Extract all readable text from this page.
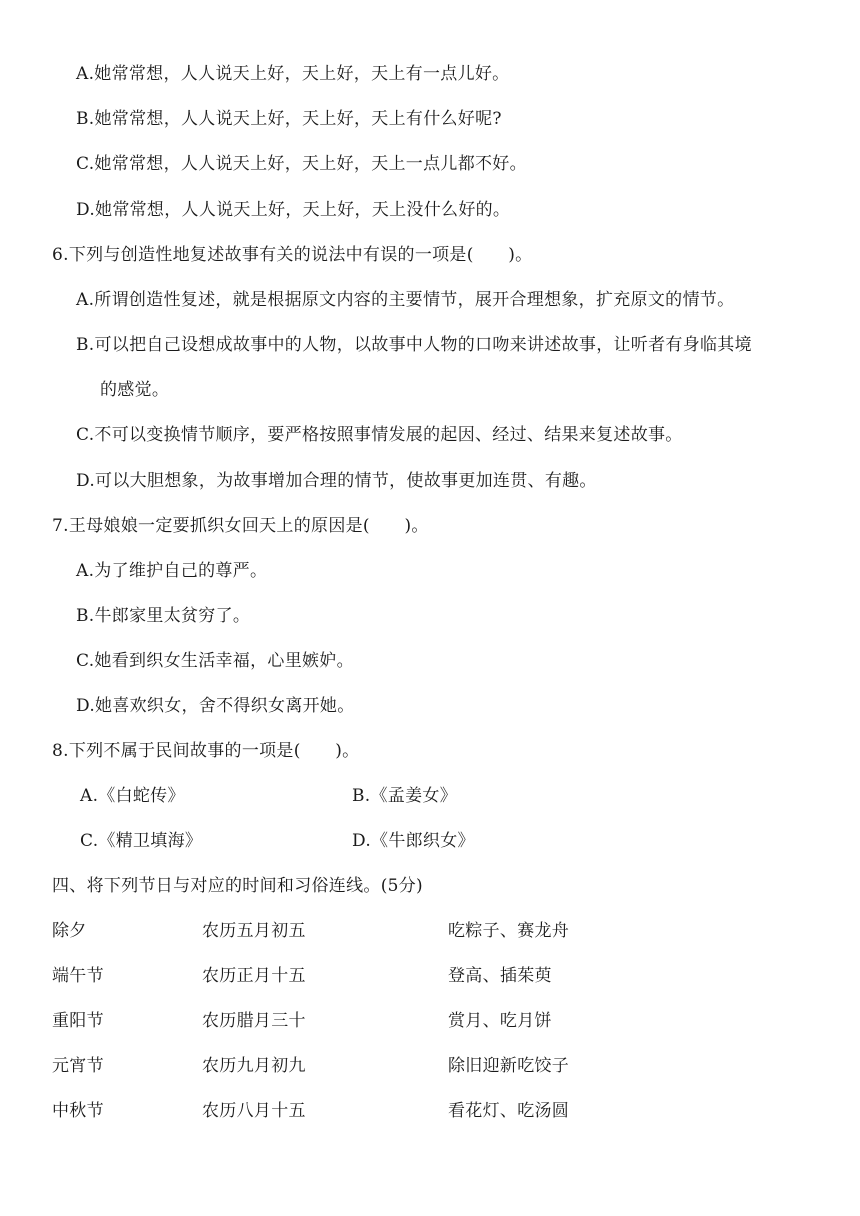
A.她常常想，人人说天上好，天上好，天上有一点儿好。
B.她常常想，人人说天上好，天上好，天上有什么好呢?
C.她常常想，人人说天上好，天上好，天上一点儿都不好。
D.她常常想，人人说天上好，天上好，天上没什么好的。
6.下列与创造性地复述故事有关的说法中有误的一项是(　　)。
A.所谓创造性复述，就是根据原文内容的主要情节，展开合理想象，扩充原文的情节。
B.可以把自己设想成故事中的人物，以故事中人物的口吻来讲述故事，让听者有身临其境
的感觉。
C.不可以变换情节顺序，要严格按照事情发展的起因、经过、结果来复述故事。
D.可以大胆想象，为故事增加合理的情节，使故事更加连贯、有趣。
7.王母娘娘一定要抓织女回天上的原因是(　　)。
A.为了维护自己的尊严。
B.牛郎家里太贫穷了。
C.她看到织女生活幸福，心里嫉妒。
D.她喜欢织女，舍不得织女离开她。
8.下列不属于民间故事的一项是(　　)。
A.《白蛇传》	B.《孟姜女》
C.《精卫填海》	D.《牛郎织女》
四、将下列节日与对应的时间和习俗连线。(5分)
除夕	农历五月初五	吃粽子、赛龙舟
端午节	农历正月十五	登高、插茱萸
重阳节	农历腊月三十	赏月、吃月饼
元宵节	农历九月初九	除旧迎新吃饺子
中秋节	农历八月十五	看花灯、吃汤圆
